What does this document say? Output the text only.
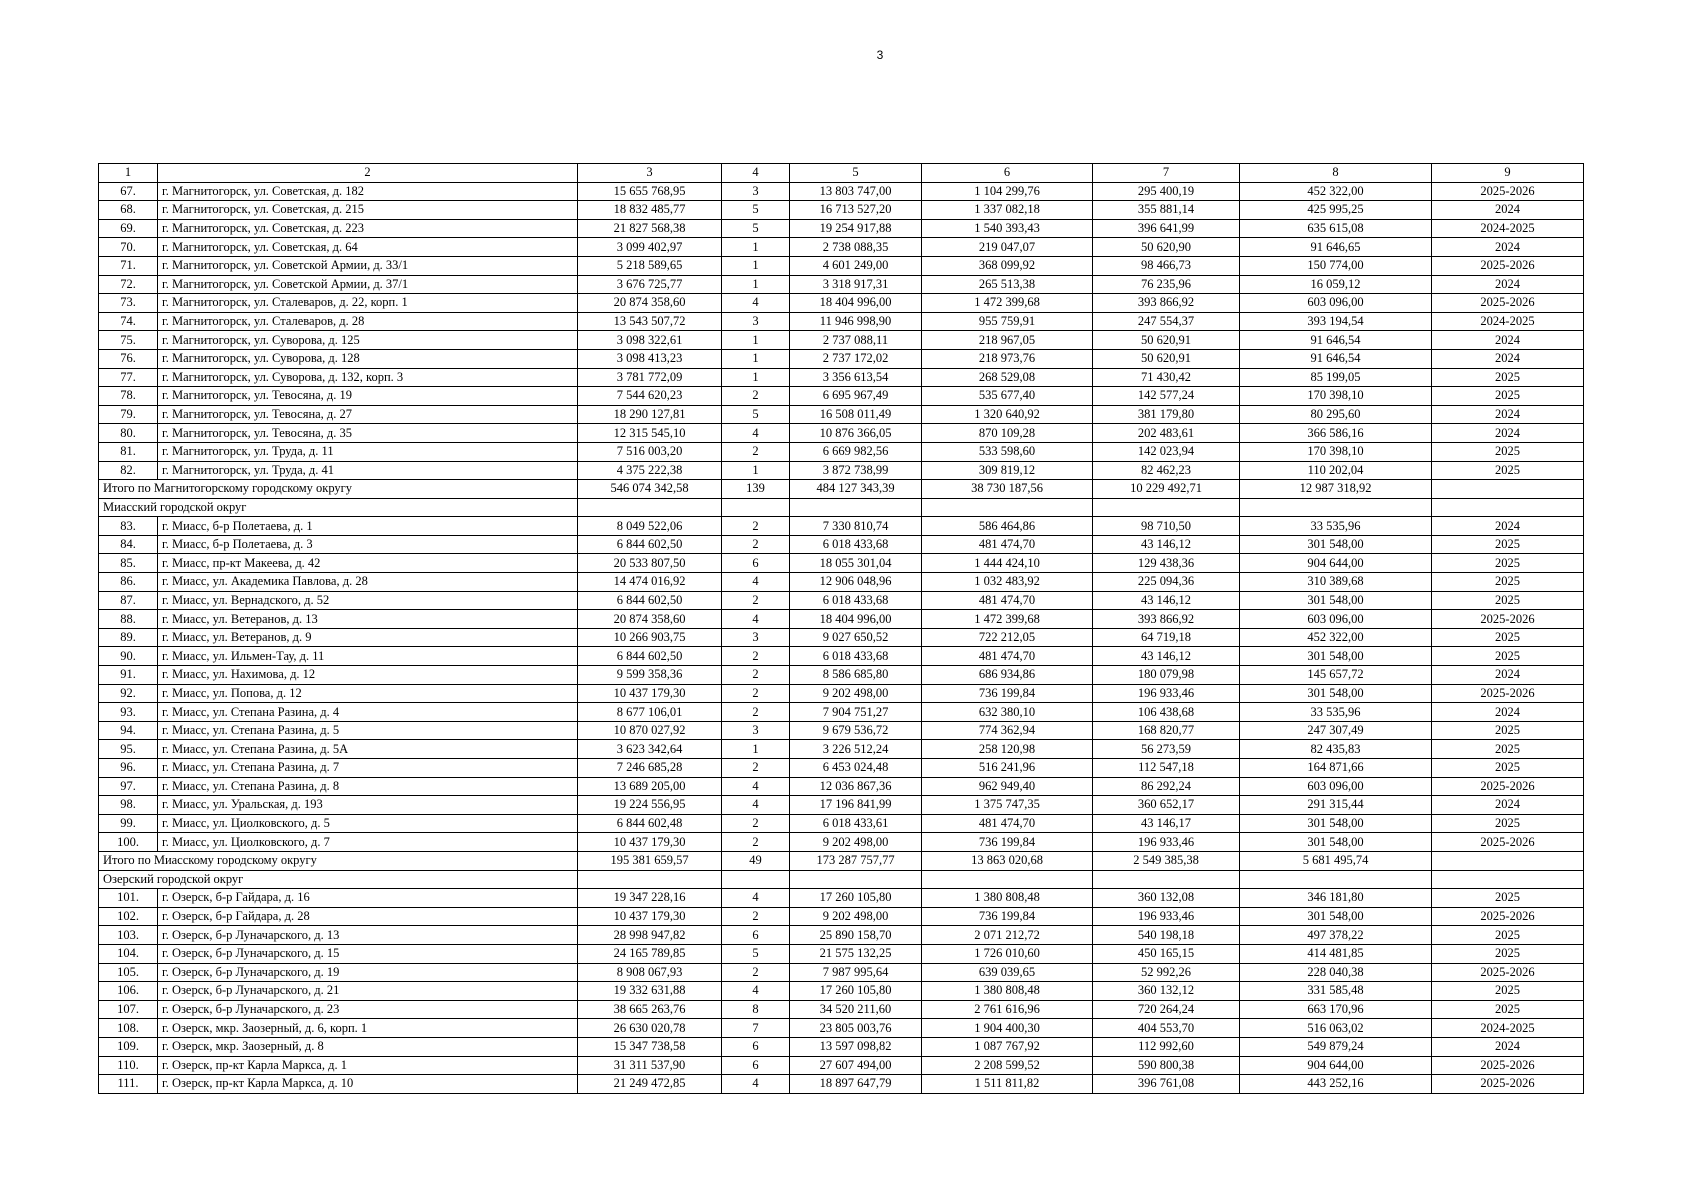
3
1	2	3	4	5	6	7	8	9
67.	г. Магнитогорск, ул. Советская, д. 182	15 655 768,95	3	13 803 747,00	1 104 299,76	295 400,19	452 322,00	2025-2026
68.	г. Магнитогорск, ул. Советская, д. 215	18 832 485,77	5	16 713 527,20	1 337 082,18	355 881,14	425 995,25	2024
69.	г. Магнитогорск, ул. Советская, д. 223	21 827 568,38	5	19 254 917,88	1 540 393,43	396 641,99	635 615,08	2024-2025
70.	г. Магнитогорск, ул. Советская, д. 64	3 099 402,97	1	2 738 088,35	219 047,07	50 620,90	91 646,65	2024
71.	г. Магнитогорск, ул. Советской Армии, д. 33/1	5 218 589,65	1	4 601 249,00	368 099,92	98 466,73	150 774,00	2025-2026
72.	г. Магнитогорск, ул. Советской Армии, д. 37/1	3 676 725,77	1	3 318 917,31	265 513,38	76 235,96	16 059,12	2024
73.	г. Магнитогорск, ул. Сталеваров, д. 22, корп. 1	20 874 358,60	4	18 404 996,00	1 472 399,68	393 866,92	603 096,00	2025-2026
74.	г. Магнитогорск, ул. Сталеваров, д. 28	13 543 507,72	3	11 946 998,90	955 759,91	247 554,37	393 194,54	2024-2025
75.	г. Магнитогорск, ул. Суворова, д. 125	3 098 322,61	1	2 737 088,11	218 967,05	50 620,91	91 646,54	2024
76.	г. Магнитогорск, ул. Суворова, д. 128	3 098 413,23	1	2 737 172,02	218 973,76	50 620,91	91 646,54	2024
77.	г. Магнитогорск, ул. Суворова, д. 132, корп. 3	3 781 772,09	1	3 356 613,54	268 529,08	71 430,42	85 199,05	2025
78.	г. Магнитогорск, ул. Тевосяна, д. 19	7 544 620,23	2	6 695 967,49	535 677,40	142 577,24	170 398,10	2025
79.	г. Магнитогорск, ул. Тевосяна, д. 27	18 290 127,81	5	16 508 011,49	1 320 640,92	381 179,80	80 295,60	2024
80.	г. Магнитогорск, ул. Тевосяна, д. 35	12 315 545,10	4	10 876 366,05	870 109,28	202 483,61	366 586,16	2024
81.	г. Магнитогорск, ул. Труда, д. 11	7 516 003,20	2	6 669 982,56	533 598,60	142 023,94	170 398,10	2025
82.	г. Магнитогорск, ул. Труда, д. 41	4 375 222,38	1	3 872 738,99	309 819,12	82 462,23	110 202,04	2025
Итого по Магнитогорскому городскому округу		546 074 342,58	139	484 127 343,39	38 730 187,56	10 229 492,71	12 987 318,92	
Миасский городской округ								
83.	г. Миасс, б-р Полетаева, д. 1	8 049 522,06	2	7 330 810,74	586 464,86	98 710,50	33 535,96	2024
84.	г. Миасс, б-р Полетаева, д. 3	6 844 602,50	2	6 018 433,68	481 474,70	43 146,12	301 548,00	2025
85.	г. Миасс, пр-кт Макеева, д. 42	20 533 807,50	6	18 055 301,04	1 444 424,10	129 438,36	904 644,00	2025
86.	г. Миасс, ул. Академика Павлова, д. 28	14 474 016,92	4	12 906 048,96	1 032 483,92	225 094,36	310 389,68	2025
87.	г. Миасс, ул. Вернадского, д. 52	6 844 602,50	2	6 018 433,68	481 474,70	43 146,12	301 548,00	2025
88.	г. Миасс, ул. Ветеранов, д. 13	20 874 358,60	4	18 404 996,00	1 472 399,68	393 866,92	603 096,00	2025-2026
89.	г. Миасс, ул. Ветеранов, д. 9	10 266 903,75	3	9 027 650,52	722 212,05	64 719,18	452 322,00	2025
90.	г. Миасс, ул. Ильмен-Тау, д. 11	6 844 602,50	2	6 018 433,68	481 474,70	43 146,12	301 548,00	2025
91.	г. Миасс, ул. Нахимова, д. 12	9 599 358,36	2	8 586 685,80	686 934,86	180 079,98	145 657,72	2024
92.	г. Миасс, ул. Попова, д. 12	10 437 179,30	2	9 202 498,00	736 199,84	196 933,46	301 548,00	2025-2026
93.	г. Миасс, ул. Степана Разина, д. 4	8 677 106,01	2	7 904 751,27	632 380,10	106 438,68	33 535,96	2024
94.	г. Миасс, ул. Степана Разина, д. 5	10 870 027,92	3	9 679 536,72	774 362,94	168 820,77	247 307,49	2025
95.	г. Миасс, ул. Степана Разина, д. 5А	3 623 342,64	1	3 226 512,24	258 120,98	56 273,59	82 435,83	2025
96.	г. Миасс, ул. Степана Разина, д. 7	7 246 685,28	2	6 453 024,48	516 241,96	112 547,18	164 871,66	2025
97.	г. Миасс, ул. Степана Разина, д. 8	13 689 205,00	4	12 036 867,36	962 949,40	86 292,24	603 096,00	2025-2026
98.	г. Миасс, ул. Уральская, д. 193	19 224 556,95	4	17 196 841,99	1 375 747,35	360 652,17	291 315,44	2024
99.	г. Миасс, ул. Циолковского, д. 5	6 844 602,48	2	6 018 433,61	481 474,70	43 146,17	301 548,00	2025
100.	г. Миасс, ул. Циолковского, д. 7	10 437 179,30	2	9 202 498,00	736 199,84	196 933,46	301 548,00	2025-2026
Итого по Миасскому городскому округу		195 381 659,57	49	173 287 757,77	13 863 020,68	2 549 385,38	5 681 495,74	
Озерский городской округ								
101.	г. Озерск, б-р Гайдара, д. 16	19 347 228,16	4	17 260 105,80	1 380 808,48	360 132,08	346 181,80	2025
102.	г. Озерск, б-р Гайдара, д. 28	10 437 179,30	2	9 202 498,00	736 199,84	196 933,46	301 548,00	2025-2026
103.	г. Озерск, б-р Луначарского, д. 13	28 998 947,82	6	25 890 158,70	2 071 212,72	540 198,18	497 378,22	2025
104.	г. Озерск, б-р Луначарского, д. 15	24 165 789,85	5	21 575 132,25	1 726 010,60	450 165,15	414 481,85	2025
105.	г. Озерск, б-р Луначарского, д. 19	8 908 067,93	2	7 987 995,64	639 039,65	52 992,26	228 040,38	2025-2026
106.	г. Озерск, б-р Луначарского, д. 21	19 332 631,88	4	17 260 105,80	1 380 808,48	360 132,12	331 585,48	2025
107.	г. Озерск, б-р Луначарского, д. 23	38 665 263,76	8	34 520 211,60	2 761 616,96	720 264,24	663 170,96	2025
108.	г. Озерск, мкр. Заозерный, д. 6, корп. 1	26 630 020,78	7	23 805 003,76	1 904 400,30	404 553,70	516 063,02	2024-2025
109.	г. Озерск, мкр. Заозерный, д. 8	15 347 738,58	6	13 597 098,82	1 087 767,92	112 992,60	549 879,24	2024
110.	г. Озерск, пр-кт Карла Маркса, д. 1	31 311 537,90	6	27 607 494,00	2 208 599,52	590 800,38	904 644,00	2025-2026
111.	г. Озерск, пр-кт Карла Маркса, д. 10	21 249 472,85	4	18 897 647,79	1 511 811,82	396 761,08	443 252,16	2025-2026
